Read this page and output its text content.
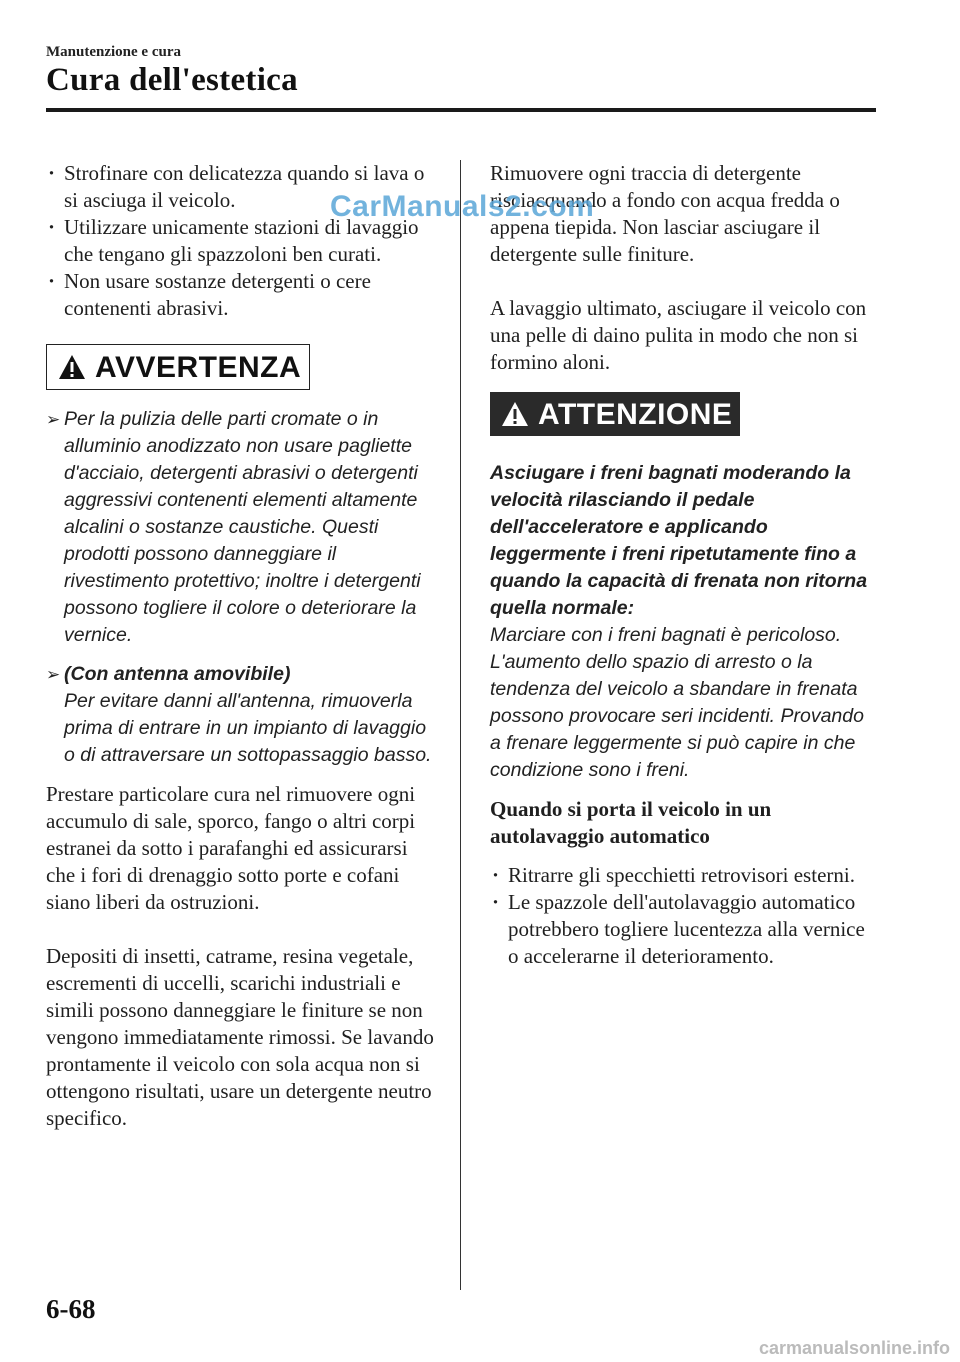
Manutenzione e cura
Cura dell'estetica
· Strofinare con delicatezza quando si lava o si asciuga il veicolo.
· Utilizzare unicamente stazioni di lavaggio che tengano gli spazzoloni ben curati.
· Non usare sostanze detergenti o cere contenenti abrasivi.
AVVERTENZA
➢ Per la pulizia delle parti cromate o in alluminio anodizzato non usare pagliette d'acciaio, detergenti abrasivi o detergenti aggressivi contenenti elementi altamente alcalini o sostanze caustiche. Questi prodotti possono danneggiare il rivestimento protettivo; inoltre i detergenti possono togliere il colore o deteriorare la vernice.
➢ (Con antenna amovibile)
Per evitare danni all'antenna, rimuoverla prima di entrare in un impianto di lavaggio o di attraversare un sottopassaggio basso.

Prestare particolare cura nel rimuovere ogni accumulo di sale, sporco, fango o altri corpi estranei da sotto i parafanghi ed assicurarsi che i fori di drenaggio sotto porte e cofani siano liberi da ostruzioni.

Depositi di insetti, catrame, resina vegetale, escrementi di uccelli, scarichi industriali e simili possono danneggiare le finiture se non vengono immediatamente rimossi. Se lavando prontamente il veicolo con sola acqua non si ottengono risultati, usare un detergente neutro specifico.

Rimuovere ogni traccia di detergente risciacquando a fondo con acqua fredda o appena tiepida. Non lasciar asciugare il detergente sulle finiture.

A lavaggio ultimato, asciugare il veicolo con una pelle di daino pulita in modo che non si formino aloni.

ATTENZIONE
Asciugare i freni bagnati moderando la velocità rilasciando il pedale dell'acceleratore e applicando leggermente i freni ripetutamente fino a quando la capacità di frenata non ritorna quella normale:
Marciare con i freni bagnati è pericoloso. L'aumento dello spazio di arresto o la tendenza del veicolo a sbandare in frenata possono provocare seri incidenti. Provando a frenare leggermente si può capire in che condizione sono i freni.
Quando si porta il veicolo in un autolavaggio automatico
· Ritrarre gli specchietti retrovisori esterni.
· Le spazzole dell'autolavaggio automatico potrebbero togliere lucentezza alla vernice o accelerarne il deterioramento.
CarManuals2.com
6-68
carmanualsonline.info
